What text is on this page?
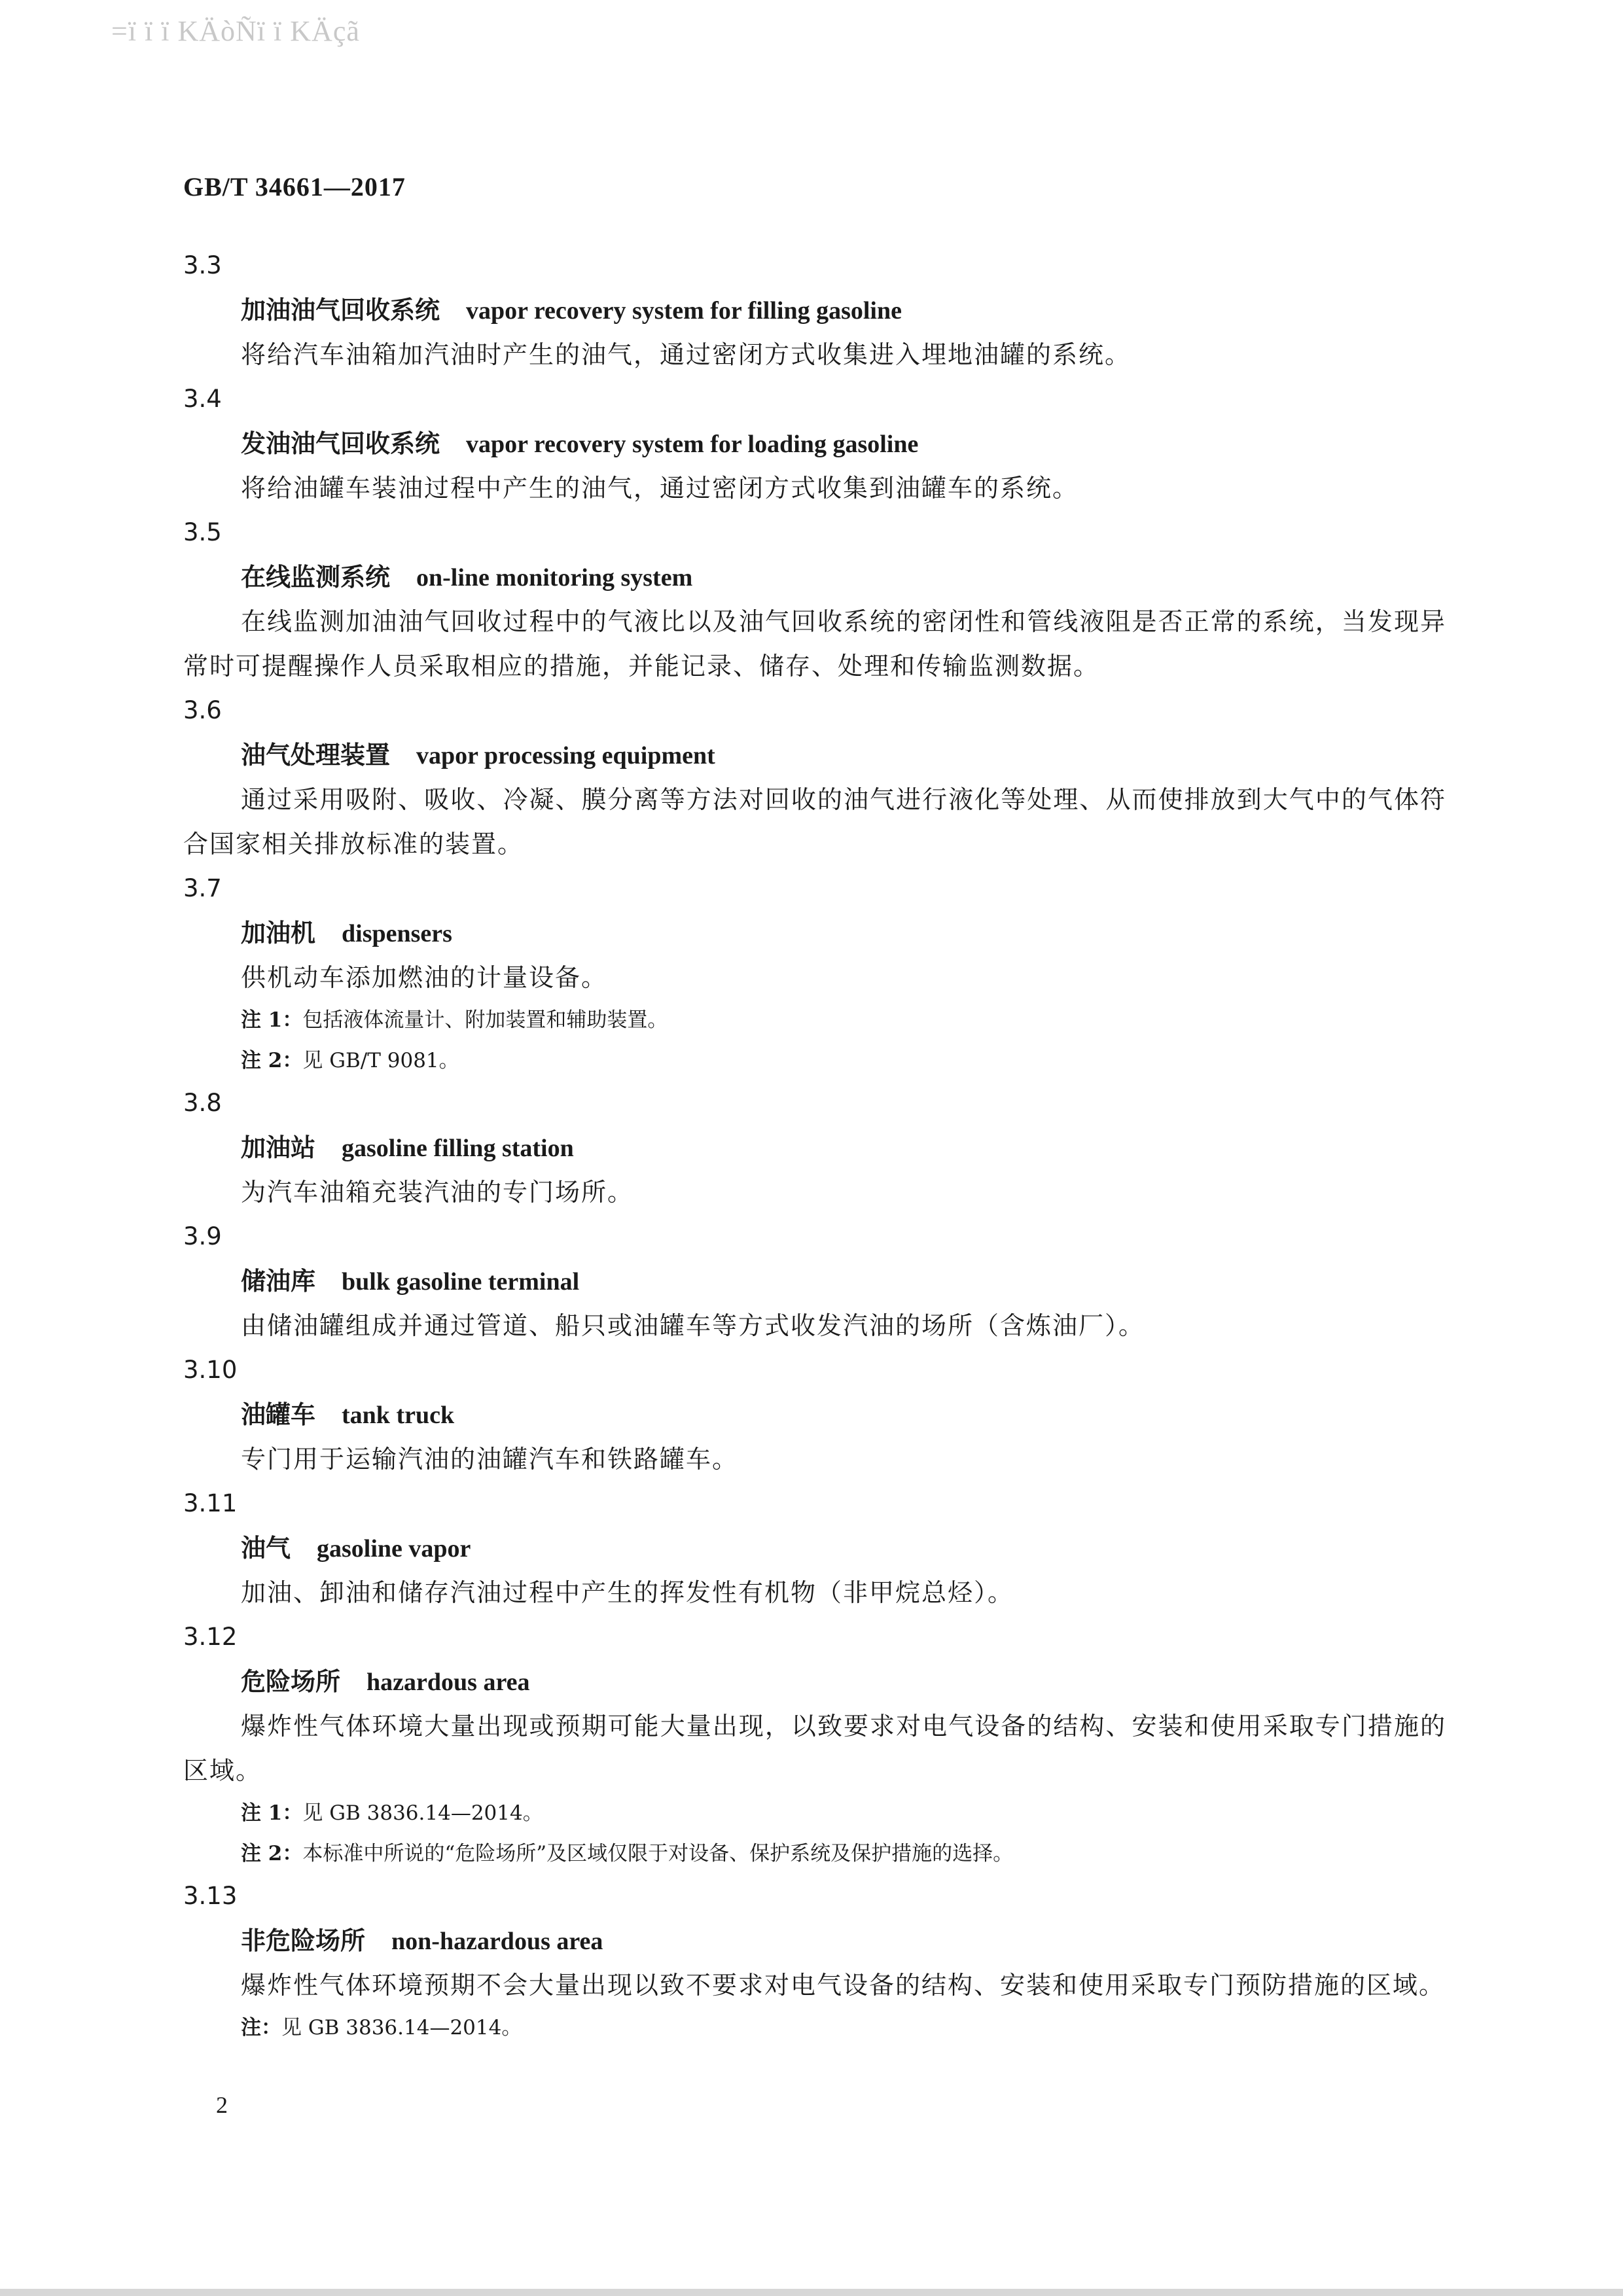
=ï ï ï KÄòÑï ï KÄçã
GB/T 34661—2017
3.3
加油油气回收系统 vapor recovery system for filling gasoline
将给汽车油箱加汽油时产生的油气，通过密闭方式收集进入埋地油罐的系统。
3.4
发油油气回收系统 vapor recovery system for loading gasoline
将给油罐车装油过程中产生的油气，通过密闭方式收集到油罐车的系统。
3.5
在线监测系统 on-line monitoring system
在线监测加油油气回收过程中的气液比以及油气回收系统的密闭性和管线液阻是否正常的系统，当发现异常时可提醒操作人员采取相应的措施，并能记录、储存、处理和传输监测数据。
3.6
油气处理装置 vapor processing equipment
通过采用吸附、吸收、冷凝、膜分离等方法对回收的油气进行液化等处理、从而使排放到大气中的气体符合国家相关排放标准的装置。
3.7
加油机 dispensers
供机动车添加燃油的计量设备。
注 1：包括液体流量计、附加装置和辅助装置。
注 2：见 GB/T 9081。
3.8
加油站 gasoline filling station
为汽车油箱充装汽油的专门场所。
3.9
储油库 bulk gasoline terminal
由储油罐组成并通过管道、船只或油罐车等方式收发汽油的场所（含炼油厂）。
3.10
油罐车 tank truck
专门用于运输汽油的油罐汽车和铁路罐车。
3.11
油气 gasoline vapor
加油、卸油和储存汽油过程中产生的挥发性有机物（非甲烷总烃）。
3.12
危险场所 hazardous area
爆炸性气体环境大量出现或预期可能大量出现，以致要求对电气设备的结构、安装和使用采取专门措施的区域。
注 1：见 GB 3836.14—2014。
注 2：本标准中所说的“危险场所”及区域仅限于对设备、保护系统及保护措施的选择。
3.13
非危险场所 non-hazardous area
爆炸性气体环境预期不会大量出现以致不要求对电气设备的结构、安装和使用采取专门预防措施的区域。
注：见 GB 3836.14—2014。
2
